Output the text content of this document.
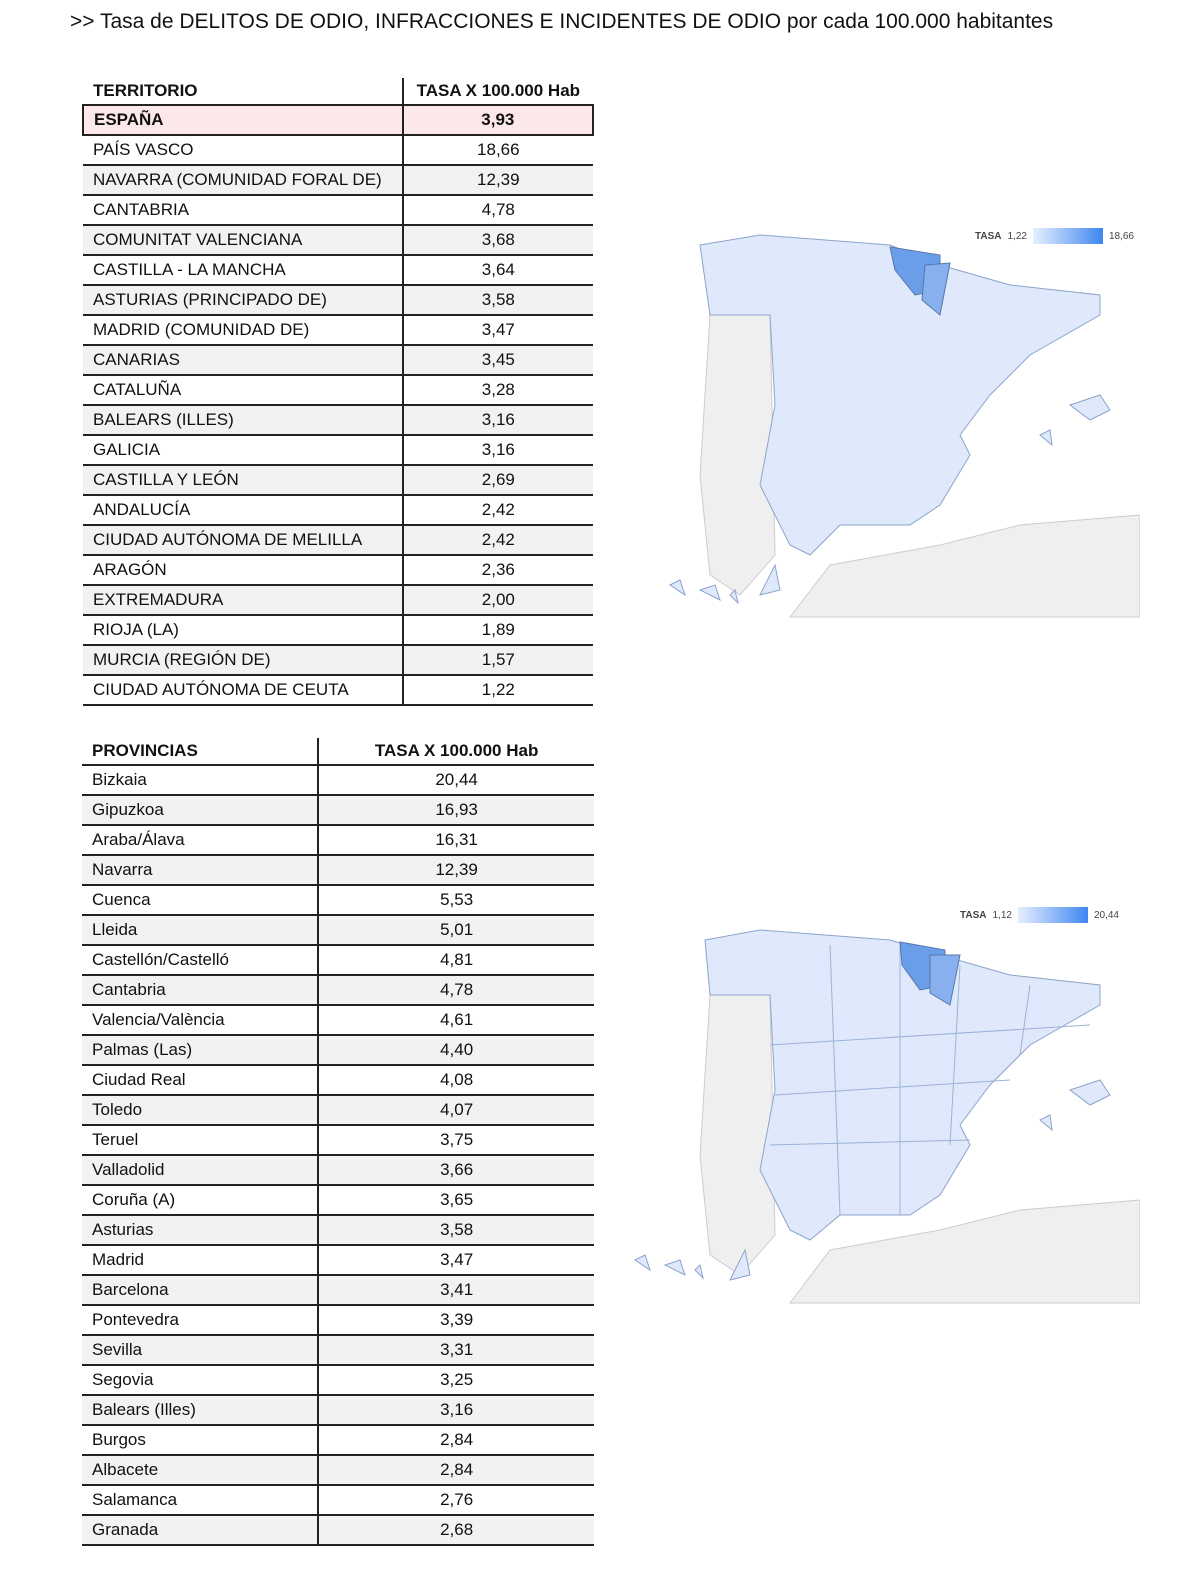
>> Tasa de DELITOS DE ODIO, INFRACCIONES E INCIDENTES DE ODIO por cada 100.000 habitantes
TERRITORIO	TASA X 100.000 Hab
ESPAÑA	3,93
PAÍS VASCO	18,66
NAVARRA (COMUNIDAD FORAL DE)	12,39
CANTABRIA	4,78
COMUNITAT VALENCIANA	3,68
CASTILLA - LA MANCHA	3,64
ASTURIAS (PRINCIPADO DE)	3,58
MADRID (COMUNIDAD DE)	3,47
CANARIAS	3,45
CATALUÑA	3,28
BALEARS (ILLES)	3,16
GALICIA	3,16
CASTILLA Y LEÓN	2,69
ANDALUCÍA	2,42
CIUDAD AUTÓNOMA DE MELILLA	2,42
ARAGÓN	2,36
EXTREMADURA	2,00
RIOJA (LA)	1,89
MURCIA (REGIÓN DE)	1,57
CIUDAD AUTÓNOMA DE CEUTA	1,22
PROVINCIAS	TASA X 100.000 Hab
Bizkaia	20,44
Gipuzkoa	16,93
Araba/Álava	16,31
Navarra	12,39
Cuenca	5,53
Lleida	5,01
Castellón/Castelló	4,81
Cantabria	4,78
Valencia/València	4,61
Palmas (Las)	4,40
Ciudad Real	4,08
Toledo	4,07
Teruel	3,75
Valladolid	3,66
Coruña (A)	3,65
Asturias	3,58
Madrid	3,47
Barcelona	3,41
Pontevedra	3,39
Sevilla	3,31
Segovia	3,25
Balears (Illes)	3,16
Burgos	2,84
Albacete	2,84
Salamanca	2,76
Granada	2,68
TASA 1,22	18,66
TASA 1,12	20,44
